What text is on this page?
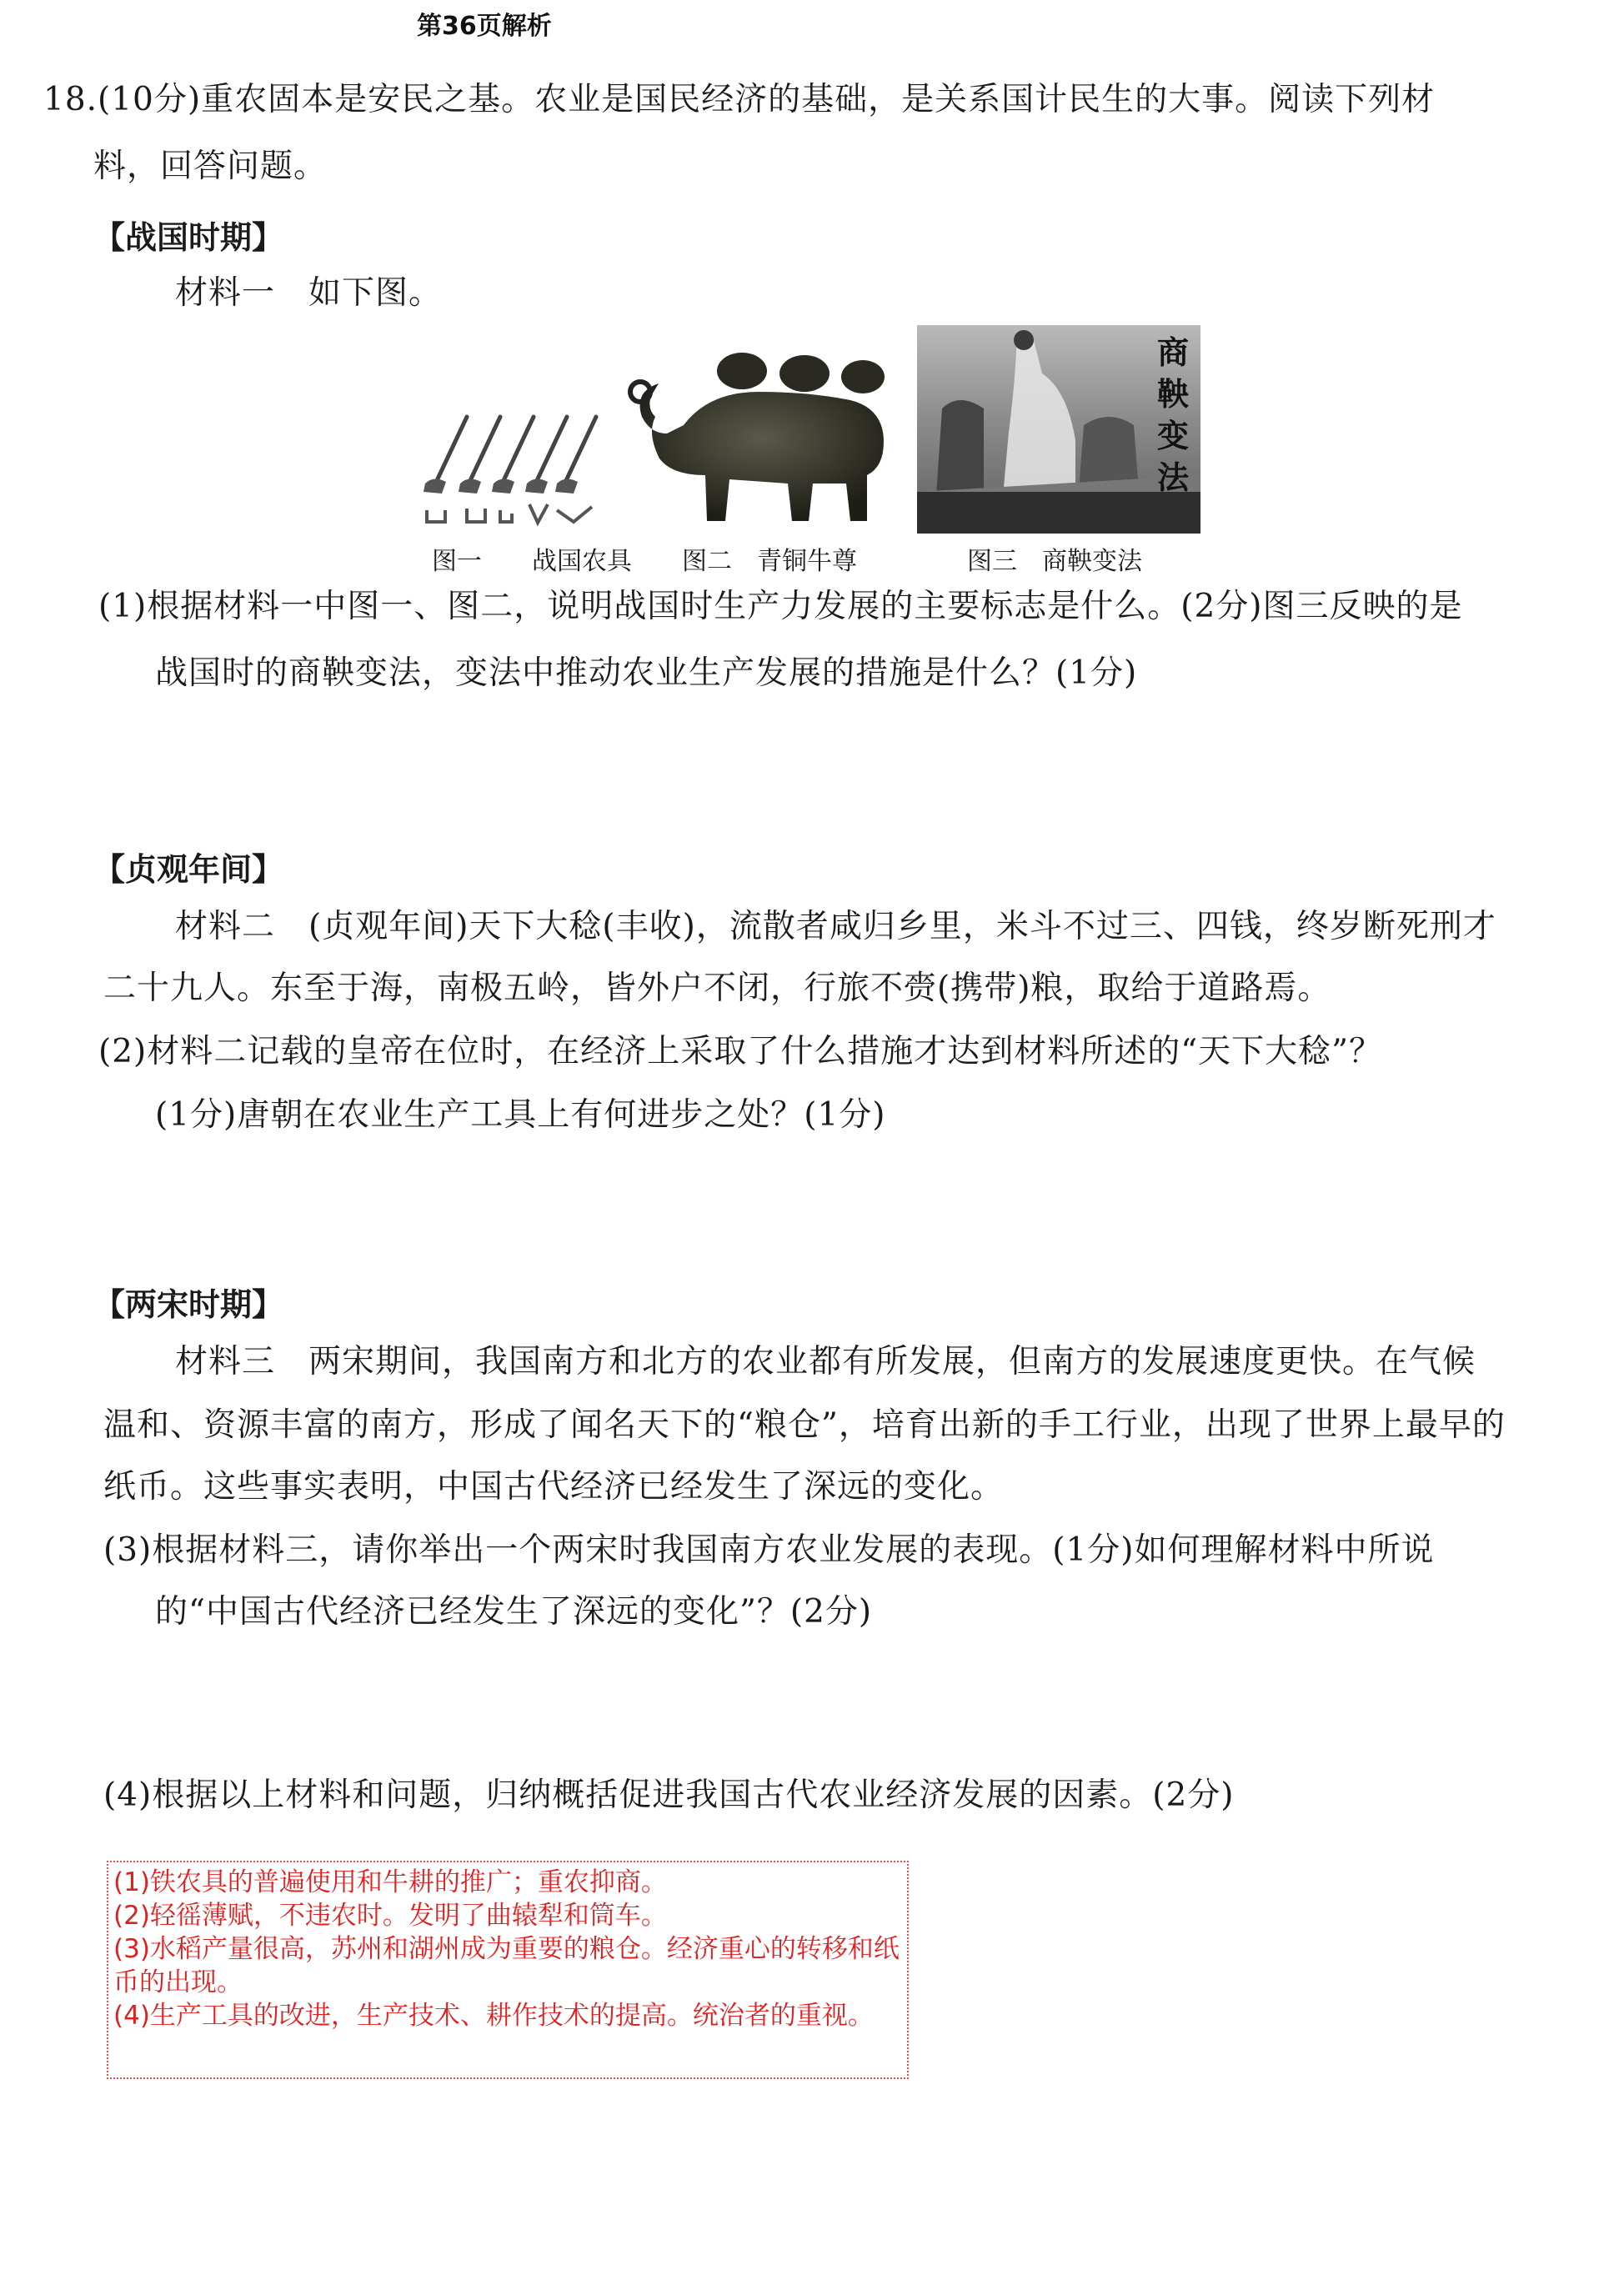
第36页解析
18.(10分)重农固本是安民之基。农业是国民经济的基础，是关系国计民生的大事。阅读下列材
料，回答问题。
【战国时期】
材料一　如下图。
商鞅变法
图一　　战国农具 图二　青铜牛尊	图三　商鞅变法
(1)根据材料一中图一、图二，说明战国时生产力发展的主要标志是什么。(2分)图三反映的是
战国时的商鞅变法，变法中推动农业生产发展的措施是什么？(1分)
【贞观年间】
材料二　(贞观年间)天下大稔(丰收)，流散者咸归乡里，米斗不过三、四钱，终岁断死刑才
二十九人。东至于海，南极五岭，皆外户不闭，行旅不赍(携带)粮，取给于道路焉。
(2)材料二记载的皇帝在位时，在经济上采取了什么措施才达到材料所述的“天下大稔”？
(1分)唐朝在农业生产工具上有何进步之处？(1分)
【两宋时期】
材料三　两宋期间，我国南方和北方的农业都有所发展，但南方的发展速度更快。在气候
温和、资源丰富的南方，形成了闻名天下的“粮仓”，培育出新的手工行业，出现了世界上最早的
纸币。这些事实表明，中国古代经济已经发生了深远的变化。
(3)根据材料三，请你举出一个两宋时我国南方农业发展的表现。(1分)如何理解材料中所说
的“中国古代经济已经发生了深远的变化”？(2分)
(4)根据以上材料和问题，归纳概括促进我国古代农业经济发展的因素。(2分)
(1)铁农具的普遍使用和牛耕的推广；重农抑商。
(2)轻徭薄赋，不违农时。发明了曲辕犁和筒车。
(3)水稻产量很高，苏州和湖州成为重要的粮仓。经济重心的转移和纸币的出现。
(4)生产工具的改进，生产技术、耕作技术的提高。统治者的重视。
